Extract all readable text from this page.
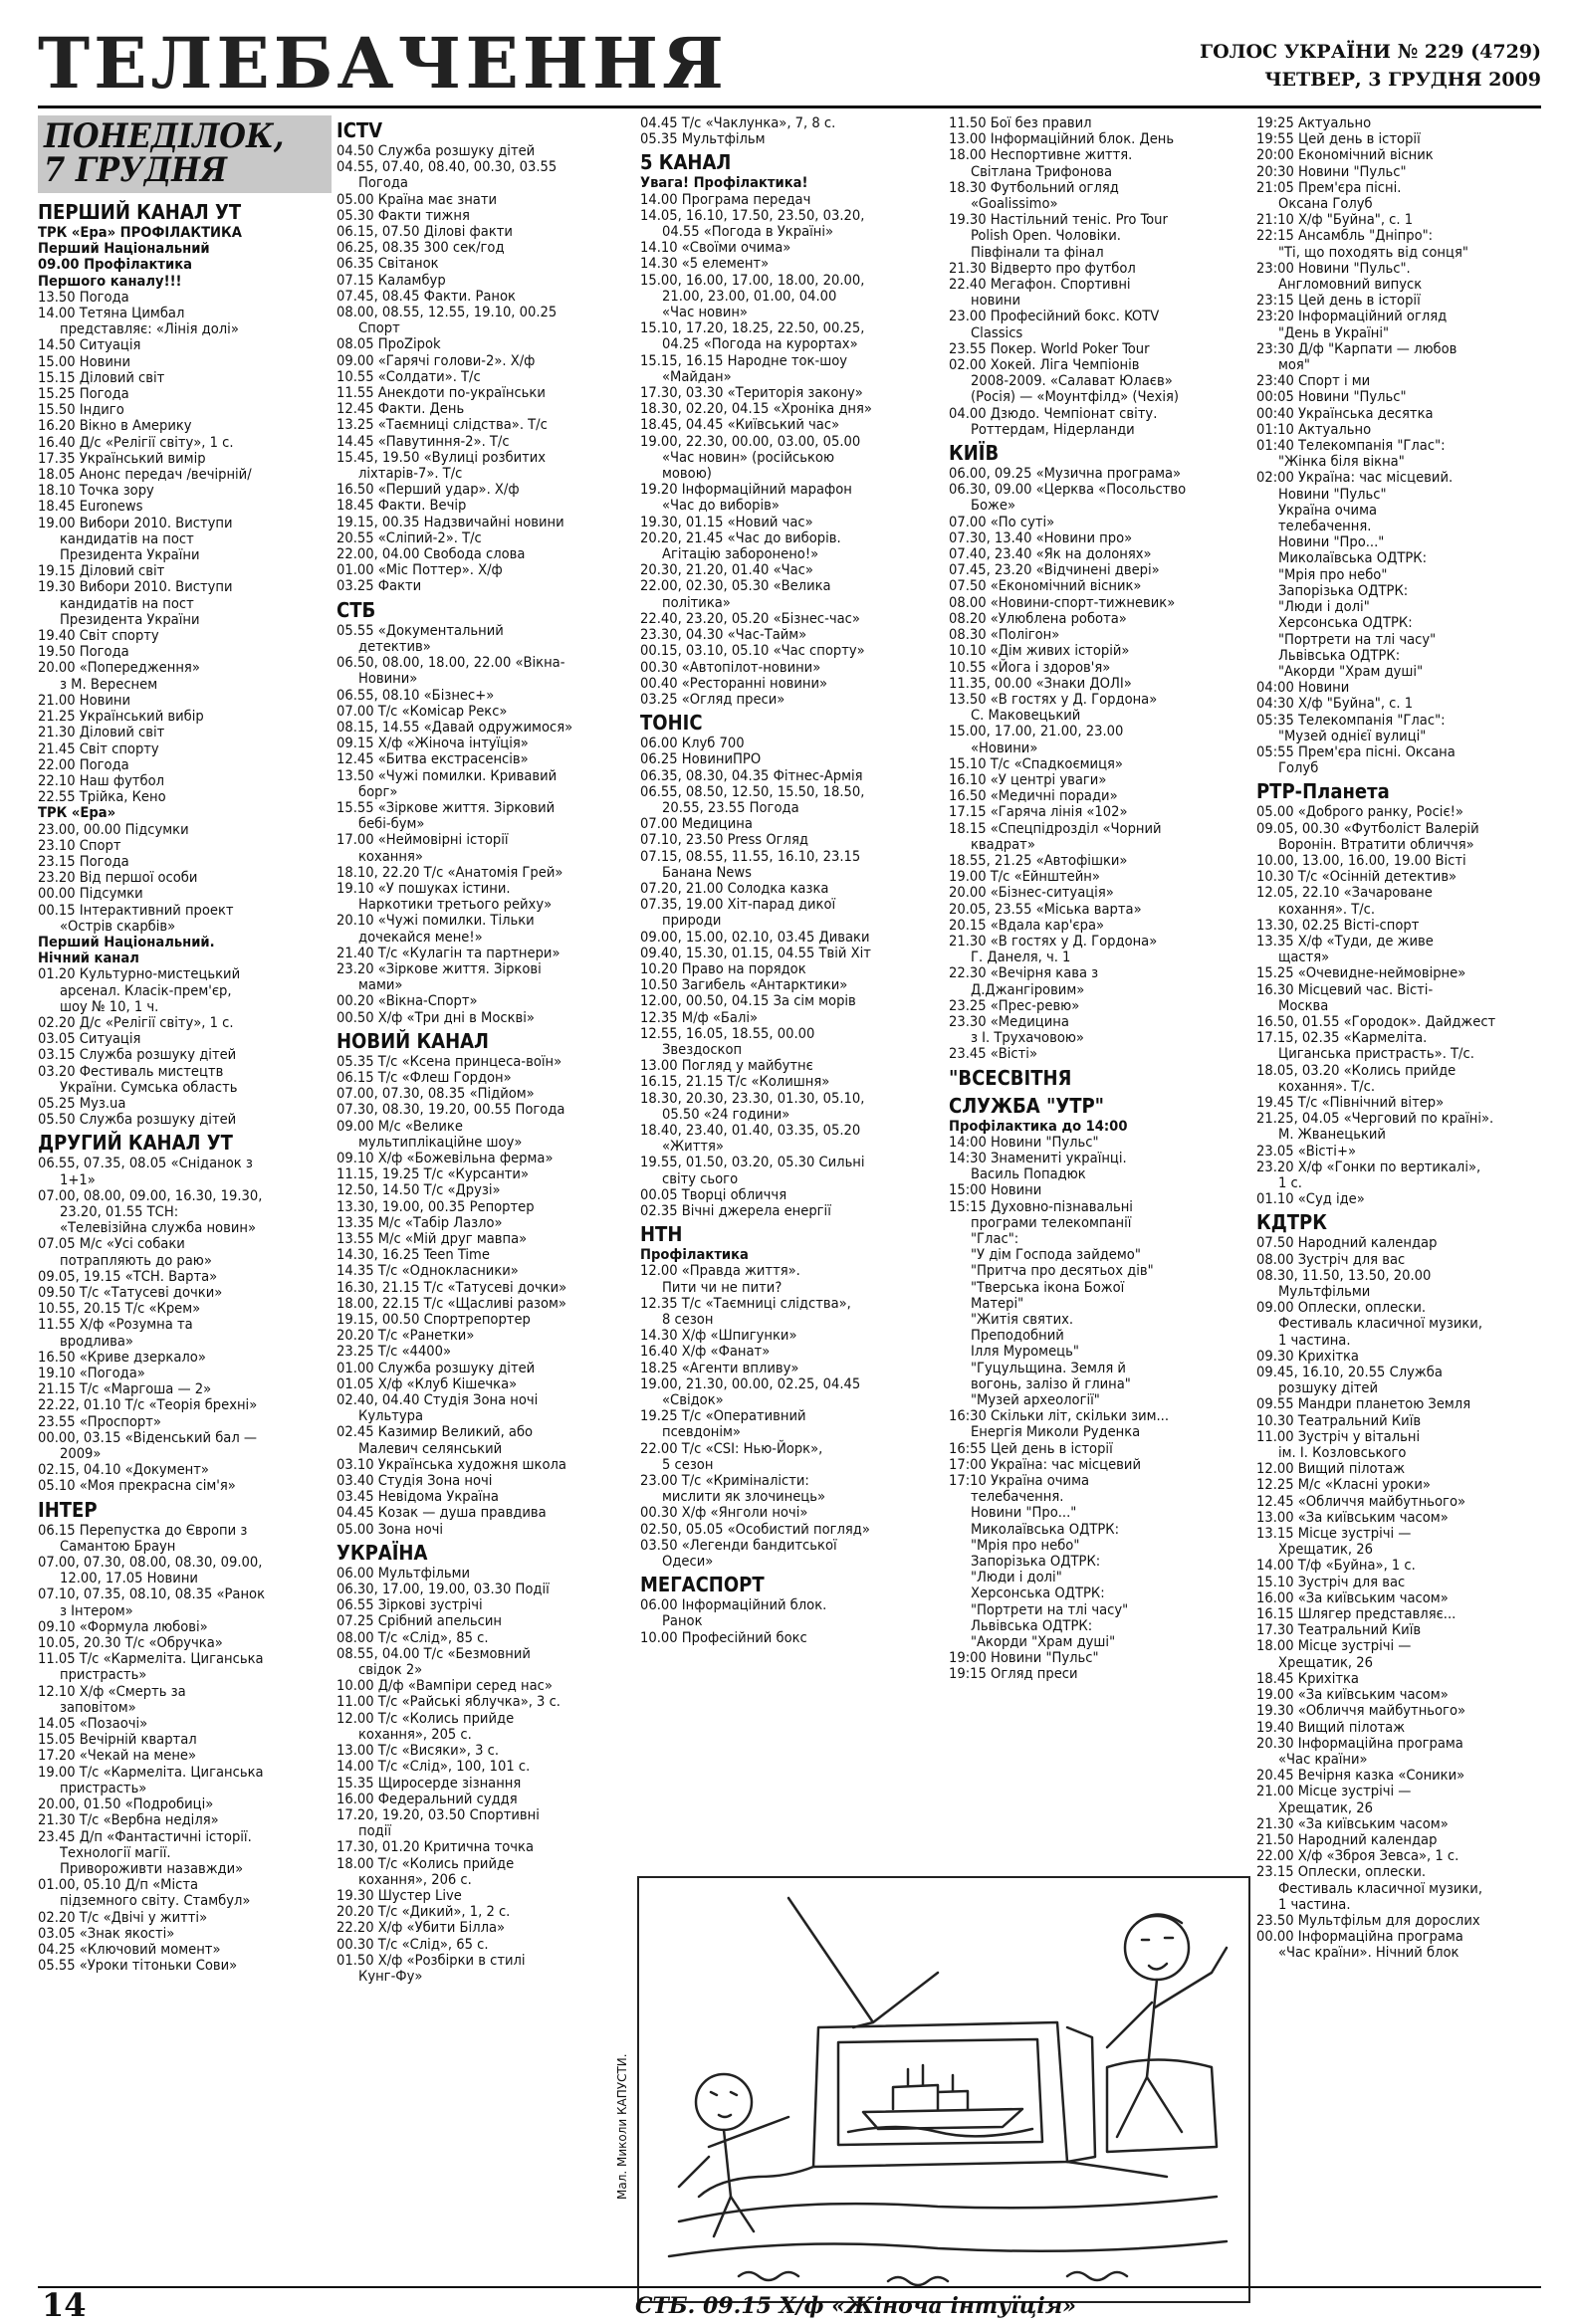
ТЕЛЕБАЧЕННЯ	ГОЛОС УКРАЇНИ № 229 (4729)
ЧЕТВЕР, 3 ГРУДНЯ 2009
ПОНЕДІЛОК,
7 ГРУДНЯ
ПЕРШИЙ КАНАЛ УТ
ТРК «Ера» ПРОФІЛАКТИКА
Перший Національний
09.00 Профілактика
Першого каналу!!!
13.50 Погода
14.00 Тетяна Цимбал
представляє: «Лінія долі»
14.50 Ситуація
15.00 Новини
15.15 Діловий світ
15.25 Погода
15.50 Індиго
16.20 Вікно в Америку
16.40 Д/с «Релігії світу», 1 с.
17.35 Український вимір
18.05 Анонс передач /вечірній/
18.10 Точка зору
18.45 Euronews
19.00 Вибори 2010. Виступи
кандидатів на пост
Президента України
19.15 Діловий світ
19.30 Вибори 2010. Виступи
кандидатів на пост
Президента України
19.40 Світ спорту
19.50 Погода
20.00 «Попередження»
з М. Вереснем
21.00 Новини
21.25 Український вибір
21.30 Діловий світ
21.45 Світ спорту
22.00 Погода
22.10 Наш футбол
22.55 Трійка, Кено
ТРК «Ера»
23.00, 00.00 Підсумки
23.10 Спорт
23.15 Погода
23.20 Від першої особи
00.00 Підсумки
00.15 Інтерактивний проект
«Острів скарбів»
Перший Національний.
Нічний канал
01.20 Культурно-мистецький
арсенал. Класік-прем'єр,
шоу № 10, 1 ч.
02.20 Д/с «Релігії світу», 1 с.
03.05 Ситуація
03.15 Служба розшуку дітей
03.20 Фестиваль мистецтв
України. Сумська область
05.25 Муз.ua
05.50 Служба розшуку дітей
ДРУГИЙ КАНАЛ УТ
06.55, 07.35, 08.05 «Сніданок з
1+1»
07.00, 08.00, 09.00, 16.30, 19.30,
23.20, 01.55 ТСН:
«Телевізійна служба новин»
07.05 М/с «Усі собаки
потрапляють до раю»
09.05, 19.15 «ТСН. Варта»
09.50 Т/с «Татусеві дочки»
10.55, 20.15 Т/с «Крем»
11.55 Х/ф «Розумна та
вродлива»
16.50 «Криве дзеркало»
19.10 «Погода»
21.15 Т/с «Маргоша — 2»
22.22, 01.10 Т/с «Теорія брехні»
23.55 «Проспорт»
00.00, 03.15 «Віденський бал —
2009»
02.15, 04.10 «Документ»
05.10 «Моя прекрасна сім'я»
ІНТЕР
06.15 Перепустка до Європи з
Самантою Браун
07.00, 07.30, 08.00, 08.30, 09.00,
12.00, 17.05 Новини
07.10, 07.35, 08.10, 08.35 «Ранок
з Інтером»
09.10 «Формула любові»
10.05, 20.30 Т/с «Обручка»
11.05 Т/с «Кармеліта. Циганська
пристрасть»
12.10 Х/ф «Смерть за
заповітом»
14.05 «Позаочі»
15.05 Вечірній квартал
17.20 «Чекай на мене»
19.00 Т/с «Кармеліта. Циганська
пристрасть»
20.00, 01.50 «Подробиці»
21.30 Т/с «Вербна неділя»
23.45 Д/п «Фантастичні історії.
Технології магії.
Привороживти назавжди»
01.00, 05.10 Д/п «Міста
підземного світу. Стамбул»
02.20 Т/с «Двічі у житті»
03.05 «Знак якості»
04.25 «Ключовий момент»
05.55 «Уроки тітоньки Сови»
ICTV
04.50 Служба розшуку дітей
04.55, 07.40, 08.40, 00.30, 03.55
Погода
05.00 Країна має знати
05.30 Факти тижня
06.15, 07.50 Ділові факти
06.25, 08.35 300 сек/год
06.35 Світанок
07.15 Каламбур
07.45, 08.45 Факти. Ранок
08.00, 08.55, 12.55, 19.10, 00.25
Спорт
08.05 ПроZipok
09.00 «Гарячі голови-2». Х/ф
10.55 «Солдати». Т/с
11.55 Анекдоти по-українськи
12.45 Факти. День
13.25 «Таємниці слідства». Т/с
14.45 «Павутиння-2». Т/с
15.45, 19.50 «Вулиці розбитих
ліхтарів-7». Т/с
16.50 «Перший удар». Х/ф
18.45 Факти. Вечір
19.15, 00.35 Надзвичайні новини
20.55 «Сліпий-2». Т/с
22.00, 04.00 Свобода слова
01.00 «Міс Поттер». Х/ф
03.25 Факти
СТБ
05.55 «Документальний
детектив»
06.50, 08.00, 18.00, 22.00 «Вікна-
Новини»
06.55, 08.10 «Бізнес+»
07.00 Т/с «Комісар Рекс»
08.15, 14.55 «Давай одружимося»
09.15 Х/ф «Жіноча інтуїція»
12.45 «Битва екстрасенсів»
13.50 «Чужі помилки. Кривавий
борг»
15.55 «Зіркове життя. Зірковий
бебі-бум»
17.00 «Неймовірні історії
кохання»
18.10, 22.20 Т/с «Анатомія Грей»
19.10 «У пошуках істини.
Наркотики третього рейху»
20.10 «Чужі помилки. Тільки
дочекайся мене!»
21.40 Т/с «Кулагін та партнери»
23.20 «Зіркове життя. Зіркові
мами»
00.20 «Вікна-Спорт»
00.50 Х/ф «Три дні в Москві»
НОВИЙ КАНАЛ
05.35 Т/с «Ксена принцеса-воїн»
06.15 Т/с «Флеш Гордон»
07.00, 07.30, 08.35 «Підйом»
07.30, 08.30, 19.20, 00.55 Погода
09.00 М/с «Велике
мультиплікаційне шоу»
09.10 Х/ф «Божевільна ферма»
11.15, 19.25 Т/с «Курсанти»
12.50, 14.50 Т/с «Друзі»
13.30, 19.00, 00.35 Репортер
13.35 М/с «Табір Лазло»
13.55 М/с «Мій друг мавпа»
14.30, 16.25 Teen Time
14.35 Т/с «Однокласники»
16.30, 21.15 Т/с «Татусеві дочки»
18.00, 22.15 Т/с «Щасливі разом»
19.15, 00.50 Спортрепортер
20.20 Т/с «Ранетки»
23.25 Т/с «4400»
01.00 Служба розшуку дітей
01.05 Х/ф «Клуб Кішечка»
02.40, 04.40 Студія Зона ночі
Культура
02.45 Казимир Великий, або
Малевич селянський
03.10 Українська художня школа
03.40 Студія Зона ночі
03.45 Невідома Україна
04.45 Козак — душа правдива
05.00 Зона ночі
УКРАЇНА
06.00 Мультфільми
06.30, 17.00, 19.00, 03.30 Події
06.55 Зіркові зустрічі
07.25 Срібний апельсин
08.00 Т/с «Слід», 85 с.
08.55, 04.00 Т/с «Безмовний
свідок 2»
10.00 Д/ф «Вампіри серед нас»
11.00 Т/с «Райські яблучка», 3 с.
12.00 Т/с «Колись прийде
кохання», 205 с.
13.00 Т/с «Висяки», 3 с.
14.00 Т/с «Слід», 100, 101 с.
15.35 Щиросерде зізнання
16.00 Федеральний суддя
17.20, 19.20, 03.50 Спортивні
події
17.30, 01.20 Критична точка
18.00 Т/с «Колись прийде
кохання», 206 с.
19.30 Шустер Live
20.20 Т/с «Дикий», 1, 2 с.
22.20 Х/ф «Убити Білла»
00.30 Т/с «Слід», 65 с.
01.50 Х/ф «Розбірки в стилі
Кунг-Фу»
04.45 Т/с «Чаклунка», 7, 8 с.
05.35 Мультфільм
5 КАНАЛ
Увага! Профілактика!
14.00 Програма передач
14.05, 16.10, 17.50, 23.50, 03.20,
04.55 «Погода в Україні»
14.10 «Своїми очима»
14.30 «5 елемент»
15.00, 16.00, 17.00, 18.00, 20.00,
21.00, 23.00, 01.00, 04.00
«Час новин»
15.10, 17.20, 18.25, 22.50, 00.25,
04.25 «Погода на курортах»
15.15, 16.15 Народне ток-шоу
«Майдан»
17.30, 03.30 «Територія закону»
18.30, 02.20, 04.15 «Хроніка дня»
18.45, 04.45 «Київський час»
19.00, 22.30, 00.00, 03.00, 05.00
«Час новин» (російською
мовою)
19.20 Інформаційний марафон
«Час до виборів»
19.30, 01.15 «Новий час»
20.20, 21.45 «Час до виборів.
Агітацію заборонено!»
20.30, 21.20, 01.40 «Час»
22.00, 02.30, 05.30 «Велика
політика»
22.40, 23.20, 05.20 «Бізнес-час»
23.30, 04.30 «Час-Тайм»
00.15, 03.10, 05.10 «Час спорту»
00.30 «Автопілот-новини»
00.40 «Ресторанні новини»
03.25 «Огляд преси»
ТОНІС
06.00 Клуб 700
06.25 НовиниПРО
06.35, 08.30, 04.35 Фітнес-Армія
06.55, 08.50, 12.50, 15.50, 18.50,
20.55, 23.55 Погода
07.00 Медицина
07.10, 23.50 Press Огляд
07.15, 08.55, 11.55, 16.10, 23.15
Банана News
07.20, 21.00 Солодка казка
07.35, 19.00 Хіт-парад дикої
природи
09.00, 15.00, 02.10, 03.45 Диваки
09.40, 15.30, 01.15, 04.55 Твій Хіт
10.20 Право на порядок
10.50 Загибель «Антарктики»
12.00, 00.50, 04.15 За сім морів
12.35 М/ф «Балі»
12.55, 16.05, 18.55, 00.00
Звездоскоп
13.00 Погляд у майбутнє
16.15, 21.15 Т/с «Колишня»
18.30, 20.30, 23.30, 01.30, 05.10,
05.50 «24 години»
18.40, 23.40, 01.40, 03.35, 05.20
«Життя»
19.55, 01.50, 03.20, 05.30 Сильні
світу сього
00.05 Творці обличчя
02.35 Вічні джерела енергії
НТН
Профілактика
12.00 «Правда життя».
Пити чи не пити?
12.35 Т/с «Таємниці слідства»,
8 сезон
14.30 Х/ф «Шпигунки»
16.40 Х/ф «Фанат»
18.25 «Агенти впливу»
19.00, 21.30, 00.00, 02.25, 04.45
«Свідок»
19.25 Т/с «Оперативний
псевдонім»
22.00 Т/с «CSI: Нью-Йорк»,
5 сезон
23.00 Т/с «Криміналісти:
мислити як злочинець»
00.30 Х/ф «Янголи ночі»
02.50, 05.05 «Особистий погляд»
03.50 «Легенди бандитської
Одеси»
МЕГАСПОРТ
06.00 Інформаційний блок.
Ранок
10.00 Професійний бокс
11.50 Бої без правил
13.00 Інформаційний блок. День
18.00 Неспортивне життя.
Світлана Трифонова
18.30 Футбольний огляд
«Goalissimo»
19.30 Настільний теніс. Pro Tour
Polish Open. Чоловіки.
Півфінали та фінал
21.30 Відверто про футбол
22.40 Мегафон. Спортивні
новини
23.00 Професійний бокс. KOTV
Classics
23.55 Покер. World Poker Tour
02.00 Хокей. Ліга Чемпіонів
2008-2009. «Салават Юлаєв»
(Росія) — «Моунтфілд» (Чехія)
04.00 Дзюдо. Чемпіонат світу.
Роттердам, Нідерланди
КИЇВ
06.00, 09.25 «Музична програма»
06.30, 09.00 «Церква «Посольство
Боже»
07.00 «По суті»
07.30, 13.40 «Новини про»
07.40, 23.40 «Як на долонях»
07.45, 23.20 «Відчинені двері»
07.50 «Економічний вісник»
08.00 «Новини-спорт-тижневик»
08.20 «Улюблена робота»
08.30 «Полігон»
10.10 «Дім живих історій»
10.55 «Йога і здоров'я»
11.35, 00.00 «Знаки ДОЛІ»
13.50 «В гостях у Д. Гордона»
С. Маковецький
15.00, 17.00, 21.00, 23.00
«Новини»
15.10 Т/с «Спадкоємиця»
16.10 «У центрі уваги»
16.50 «Медичні поради»
17.15 «Гаряча лінія «102»
18.15 «Спецпідрозділ «Чорний
квадрат»
18.55, 21.25 «Автофішки»
19.00 Т/с «Ейнштейн»
20.00 «Бізнес-ситуація»
20.05, 23.55 «Міська варта»
20.15 «Вдала кар'єра»
21.30 «В гостях у Д. Гордона»
Г. Данеля, ч. 1
22.30 «Вечірня кава з
Д.Джангіровим»
23.25 «Прес-ревю»
23.30 «Медицина
з І. Трухачовою»
23.45 «Вісті»
"ВСЕСВІТНЯ
СЛУЖБА "УТР"
Профілактика до 14:00
14:00 Новини "Пульс"
14:30 Знаменитi українцi.
Василь Попадюк
15:00 Новини
15:15 Духовно-пізнавальні
програми телекомпанії
"Глас":
"У дім Господа зайдемо"
"Притча про десятьох дів"
"Тверська ікона Божої
Матері"
"Житія святих.
Преподобний
Ілля Муромець"
"Гуцульщина. Земля й
вогонь, залізо й глина"
"Музей археології"
16:30 Скільки літ, скільки зим...
Енергія Миколи Руденка
16:55 Цей день в історії
17:00 Україна: час місцевий
17:10 Україна очима
телебачення.
Новини "Про..."
Миколаївська ОДТРК:
"Мрія про небо"
Запорізька ОДТРК:
"Люди і долі"
Херсонська ОДТРК:
"Портрети на тлі часу"
Львівська ОДТРК:
"Акорди "Храм душі"
19:00 Новини "Пульс"
19:15 Огляд преси
19:25 Актуально
19:55 Цей день в історії
20:00 Економічний вісник
20:30 Новини "Пульс"
21:05 Прем'єра пісні.
Оксана Голуб
21:10 Х/ф "Буйна", с. 1
22:15 Ансамбль "Дніпро":
"Ті, що походять від сонця"
23:00 Новини "Пульс".
Англомовний випуск
23:15 Цей день в історії
23:20 Інформаційний огляд
"День в Україні"
23:30 Д/ф "Карпати — любов
моя"
23:40 Спорт і ми
00:05 Новини "Пульс"
00:40 Українська десятка
01:10 Актуально
01:40 Телекомпанія "Глас":
"Жінка біля вікна"
02:00 Україна: час місцевий.
Новини "Пульс"
Україна очима
телебачення.
Новини "Про..."
Миколаївська ОДТРК:
"Мрія про небо"
Запорізька ОДТРК:
"Люди і долі"
Херсонська ОДТРК:
"Портрети на тлі часу"
Львівська ОДТРК:
"Акорди "Храм душі"
04:00 Новини
04:30 Х/ф "Буйна", с. 1
05:35 Телекомпанія "Глас":
"Музей однієї вулиці"
05:55 Прем'єра пісні. Оксана
Голуб
РТР-Планета
05.00 «Доброго ранку, Росіє!»
09.05, 00.30 «Футболіст Валерій
Воронін. Втратити обличчя»
10.00, 13.00, 16.00, 19.00 Вісті
10.30 Т/с «Осінній детектив»
12.05, 22.10 «Зачароване
кохання». Т/с.
13.30, 02.25 Вісті-спорт
13.35 Х/ф «Туди, де живе
щастя»
15.25 «Очевидне-неймовірне»
16.30 Місцевий час. Вісті-
Москва
16.50, 01.55 «Городок». Дайджест
17.15, 02.35 «Кармеліта.
Циганська пристрасть». Т/с.
18.05, 03.20 «Колись прийде
кохання». Т/с.
19.45 Т/с «Північний вітер»
21.25, 04.05 «Черговий по країні».
М. Жванецький
23.05 «Вісті+»
23.20 Х/ф «Гонки по вертикалі»,
1 с.
01.10 «Суд іде»
КДТРК
07.50 Народний календар
08.00 Зустріч для вас
08.30, 11.50, 13.50, 20.00
Мультфільми
09.00 Оплески, оплески.
Фестиваль класичної музики,
1 частина.
09.30 Крихітка
09.45, 16.10, 20.55 Служба
розшуку дітей
09.55 Мандри планетою Земля
10.30 Театральний Київ
11.00 Зустріч у вітальні
ім. І. Козловського
12.00 Вищий пілотаж
12.25 М/с «Класні уроки»
12.45 «Обличчя майбутнього»
13.00 «За київським часом»
13.15 Місце зустрічі —
Хрещатик, 26
14.00 Т/ф «Буйна», 1 с.
15.10 Зустріч для вас
16.00 «За київським часом»
16.15 Шлягер представляє...
17.30 Театральний Київ
18.00 Місце зустрічі —
Хрещатик, 26
18.45 Крихітка
19.00 «За київським часом»
19.30 «Обличчя майбутнього»
19.40 Вищий пілотаж
20.30 Інформаційна програма
«Час країни»
20.45 Вечірня казка «Соники»
21.00 Місце зустрічі —
Хрещатик, 26
21.30 «За київським часом»
21.50 Народний календар
22.00 Х/ф «Зброя Зевса», 1 с.
23.15 Оплески, оплески.
Фестиваль класичної музики,
1 частина.
23.50 Мультфільм для дорослих
00.00 Інформаційна програма
«Час країни». Нічний блок
Мал. Миколи КАПУСТИ.
14	СТБ. 09.15 Х/ф «Жіноча інтуїція»
